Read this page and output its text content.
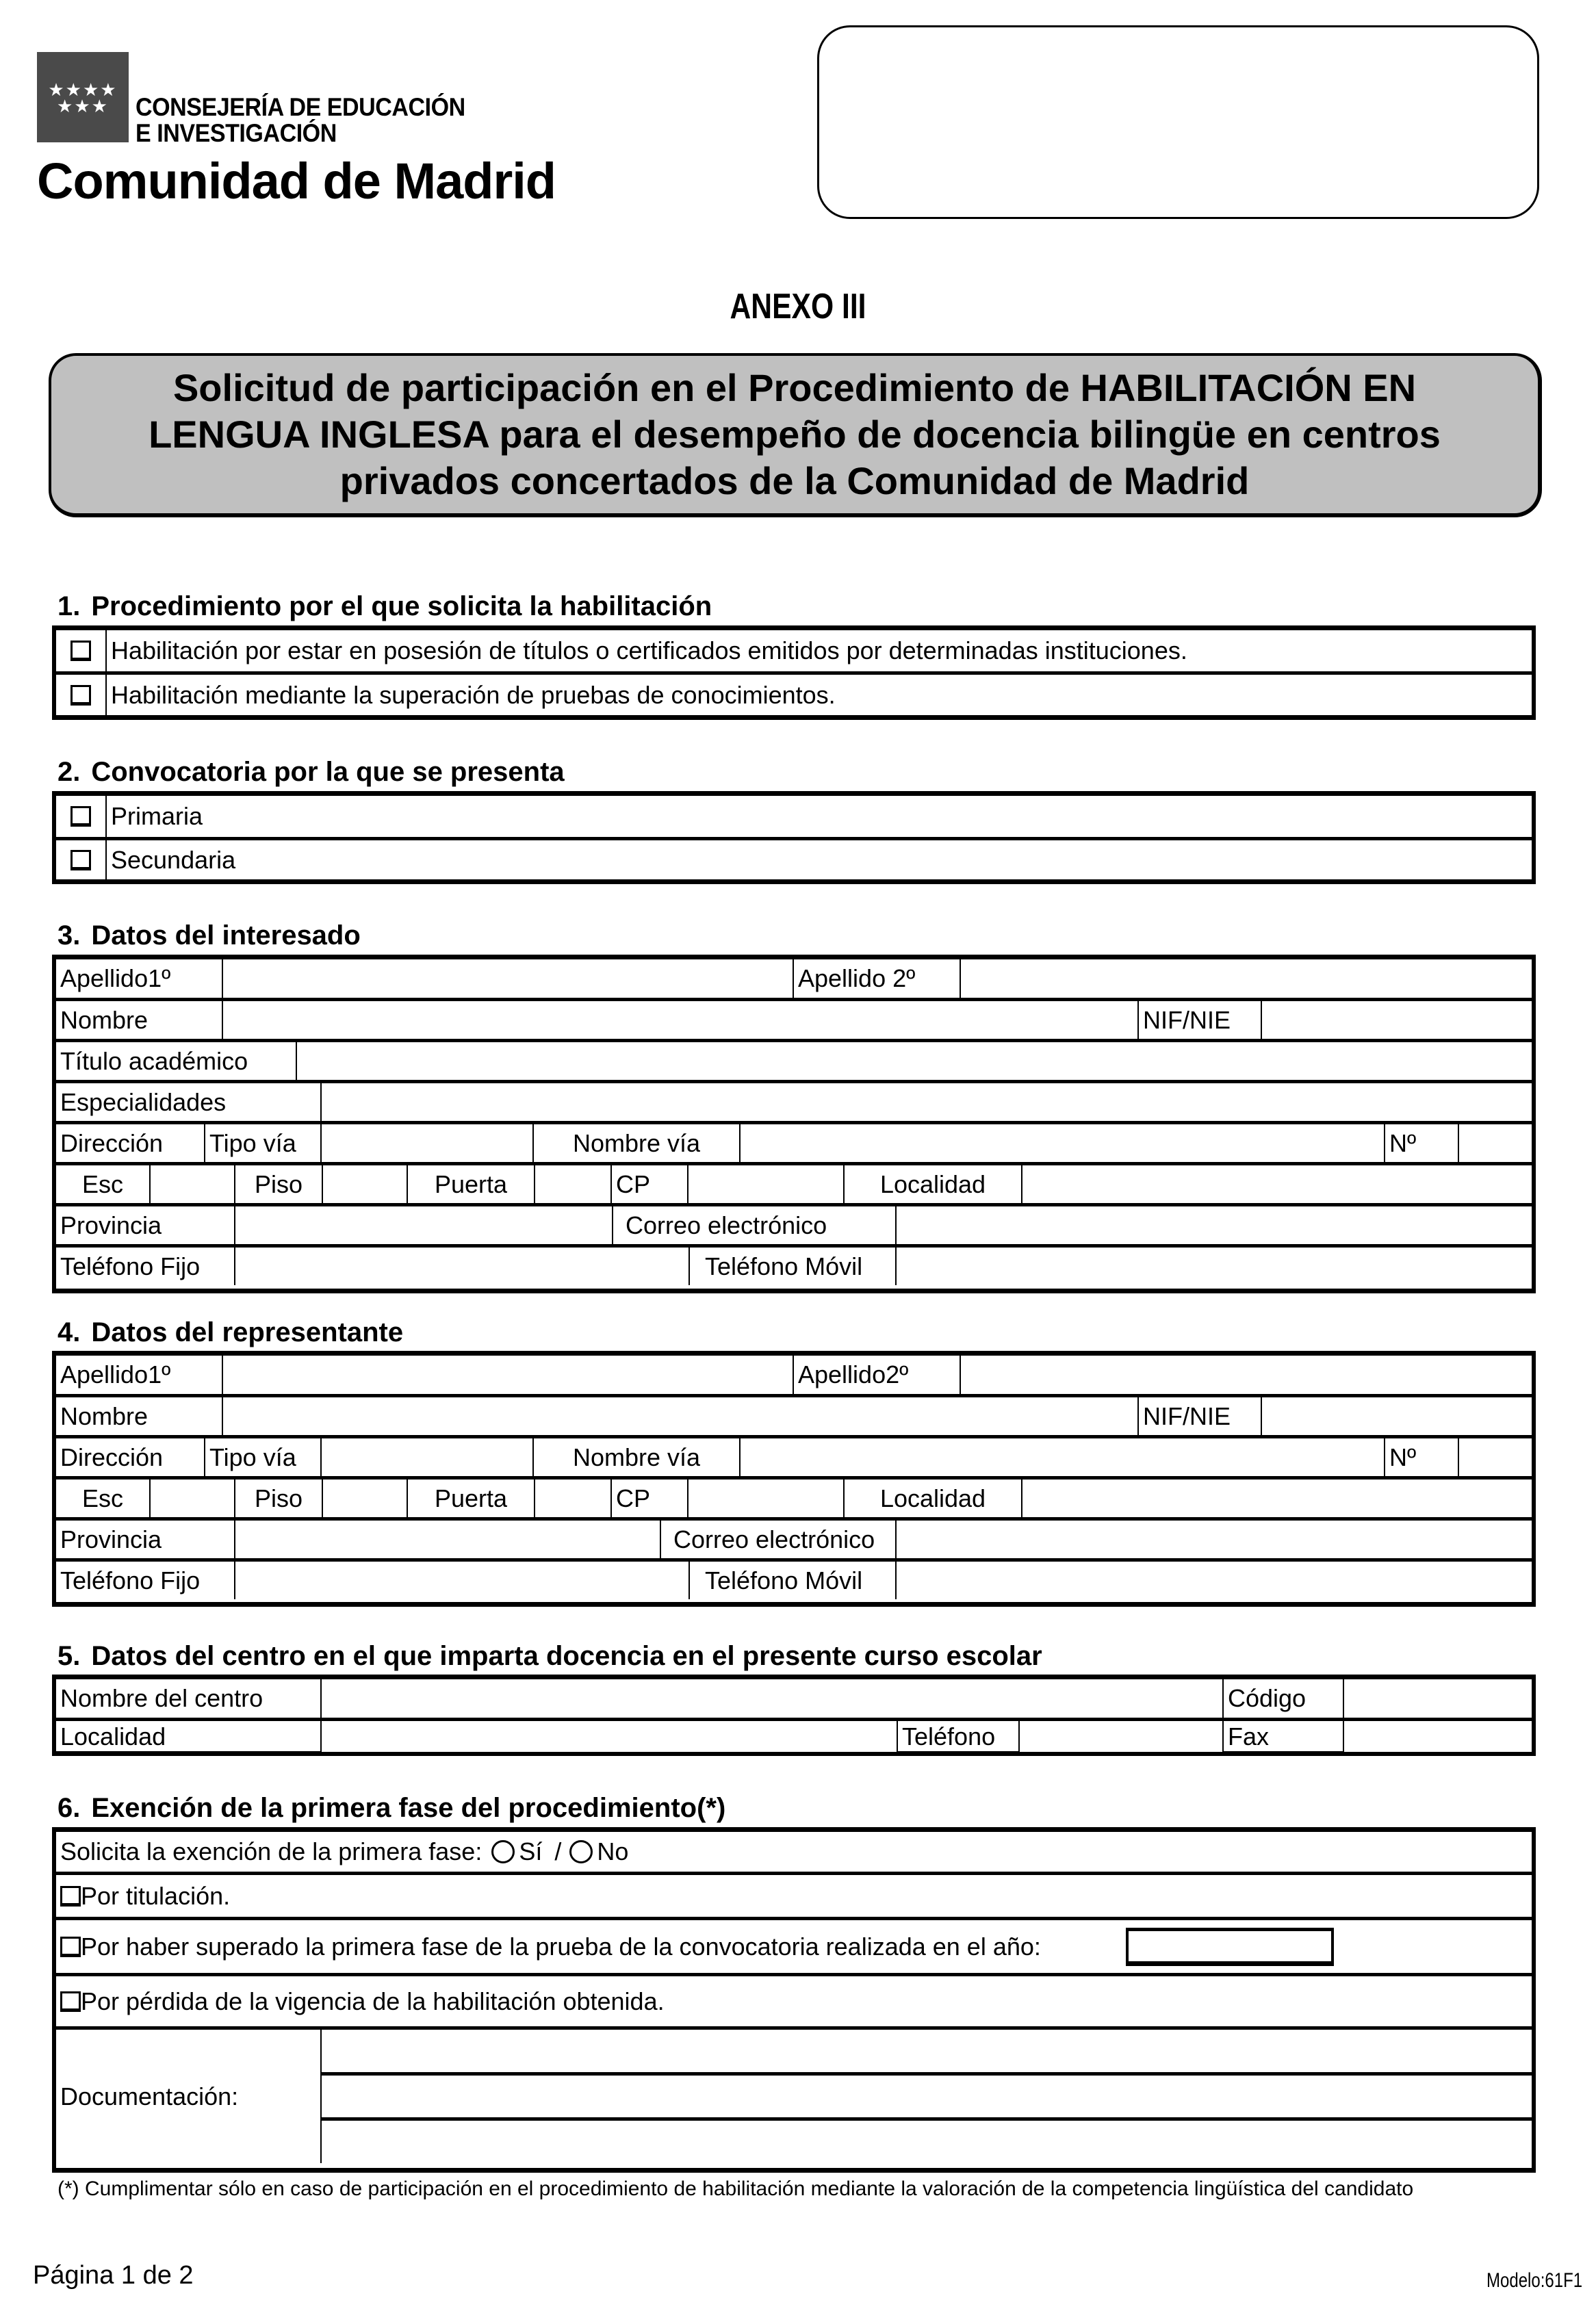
★★★★ ★★★	CONSEJERÍA DE EDUCACIÓN
E INVESTIGACIÓN
Comunidad de Madrid
ANEXO III
Solicitud de participación en el Procedimiento de HABILITACIÓN EN LENGUA INGLESA para el desempeño de docencia bilingüe en centros privados concertados de la Comunidad de Madrid
1. Procedimiento por el que solicita la habilitación
Habilitación por estar en posesión de títulos o certificados emitidos por determinadas instituciones.
Habilitación mediante la superación de pruebas de conocimientos.
2. Convocatoria por la que se presenta
Primaria
Secundaria
3. Datos del interesado
Apellido1º	Apellido 2º
Nombre	NIF/NIE
Título académico
Especialidades
Dirección	Tipo vía	Nombre vía	Nº
Esc	Piso	Puerta	CP	Localidad
Provincia	Correo electrónico
Teléfono Fijo	Teléfono Móvil
4. Datos del representante
Apellido1º	Apellido2º
Nombre	NIF/NIE
Dirección	Tipo vía	Nombre vía	Nº
Esc	Piso	Puerta	CP	Localidad
Provincia	Correo electrónico
Teléfono Fijo	Teléfono Móvil
5. Datos del centro en el que imparta docencia en el presente curso escolar
Nombre del centro	Código
Localidad	Teléfono	Fax
6. Exención de la primera fase del procedimiento(*)
Solicita la exención de la primera fase: Sí / No
Por titulación.
Por haber superado la primera fase de la prueba de la convocatoria realizada en el año:
Por pérdida de la vigencia de la habilitación obtenida.
Documentación:
(*) Cumplimentar sólo en caso de participación en el procedimiento de habilitación mediante la valoración de la competencia lingüística del candidato
Página 1 de 2	Modelo:61F1
